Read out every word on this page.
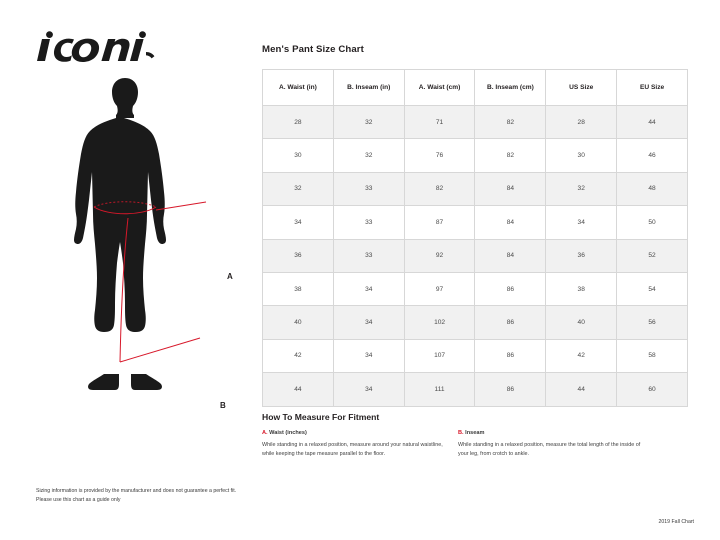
A
B
Sizing information is provided by the manufacturer and does not guarantee a perfect fit.
Please use this chart as a guide only
Men's Pant Size Chart
A. Waist (in)	B. Inseam (in)	A. Waist (cm)	B. Inseam (cm)	US Size	EU Size
28	32	71	82	28	44
30	32	76	82	30	46
32	33	82	84	32	48
34	33	87	84	34	50
36	33	92	84	36	52
38	34	97	86	38	54
40	34	102	86	40	56
42	34	107	86	42	58
44	34	111	86	44	60
How To Measure For Fitment
A. Waist (inches)
While standing in a relaxed position, measure around your natural waistline, while keeping the tape measure parallel to the floor.
B. Inseam
While standing in a relaxed position, measure the total length of the inside of your leg, from crotch to ankle.
2019 Fall Chart
